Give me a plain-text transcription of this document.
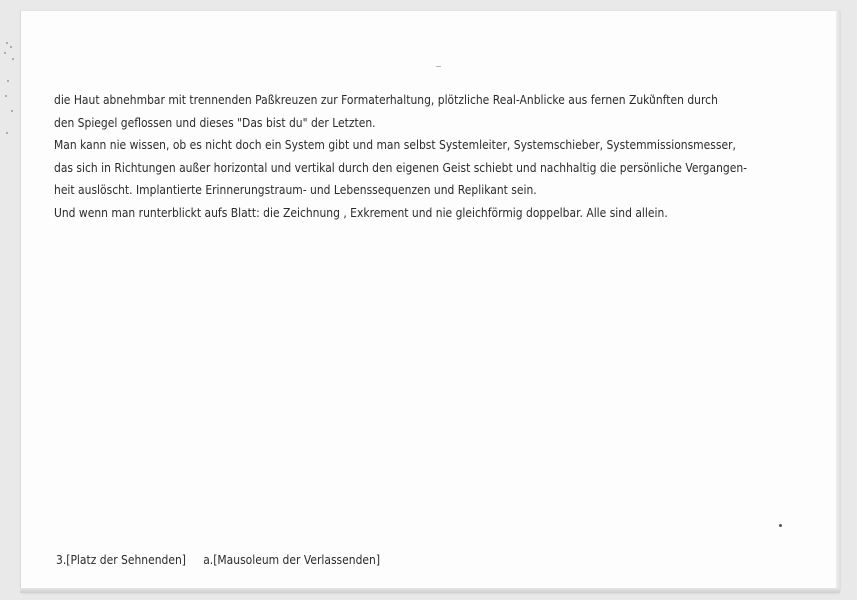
die Haut abnehmbar mit trennenden Paßkreuzen zur Formaterhaltung, plötzliche Real-Anblicke aus fernen Zukünften durch
den Spiegel geflossen und dieses "Das bist du" der Letzten.
Man kann nie wissen, ob es nicht doch ein System gibt und man selbst Systemleiter, Systemschieber, Systemmissionsmesser,
das sich in Richtungen außer horizontal und vertikal durch den eigenen Geist schiebt und nachhaltig die persönliche Vergangen-
heit auslöscht. Implantierte Erinnerungstraum- und Lebenssequenzen und Replikant sein.
Und wenn man runterblickt aufs Blatt: die Zeichnung , Exkrement und nie gleichförmig doppelbar. Alle sind allein.
3.[Platz der Sehnenden] a.[Mausoleum der Verlassenden]
